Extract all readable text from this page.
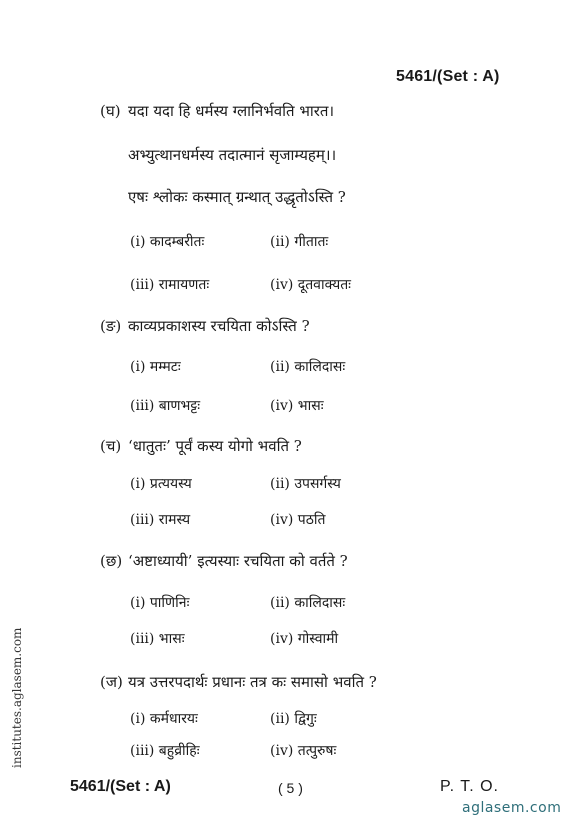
5461/(Set : A)
(घ) यदा यदा हि धर्मस्य ग्लानिर्भवति भारत।
अभ्युत्थानधर्मस्य तदात्मानं सृजाम्यहम्।।
एषः श्लोकः कस्मात् ग्रन्थात् उद्धृतोऽस्ति ?
(i) कादम्बरीतः	(ii) गीतातः
(iii) रामायणतः	(iv) दूतवाक्यतः
(ङ) काव्यप्रकाशस्य रचयिता कोऽस्ति ?
(i) मम्मटः	(ii) कालिदासः
(iii) बाणभट्टः	(iv) भासः
(च) ‘धातुतः’ पूर्वं कस्य योगो भवति ?
(i) प्रत्ययस्य	(ii) उपसर्गस्य
(iii) रामस्य	(iv) पठति
(छ) ‘अष्टाध्यायी’ इत्यस्याः रचयिता को वर्तते ?
(i) पाणिनिः	(ii) कालिदासः
(iii) भासः	(iv) गोस्वामी
(ज) यत्र उत्तरपदार्थः प्रधानः तत्र कः समासो भवति ?
(i) कर्मधारयः	(ii) द्विगुः
(iii) बहुव्रीहिः	(iv) तत्पुरुषः
institutes.aglasem.com
5461/(Set : A)	( 5 )	P. T. O.
aglasem.com
